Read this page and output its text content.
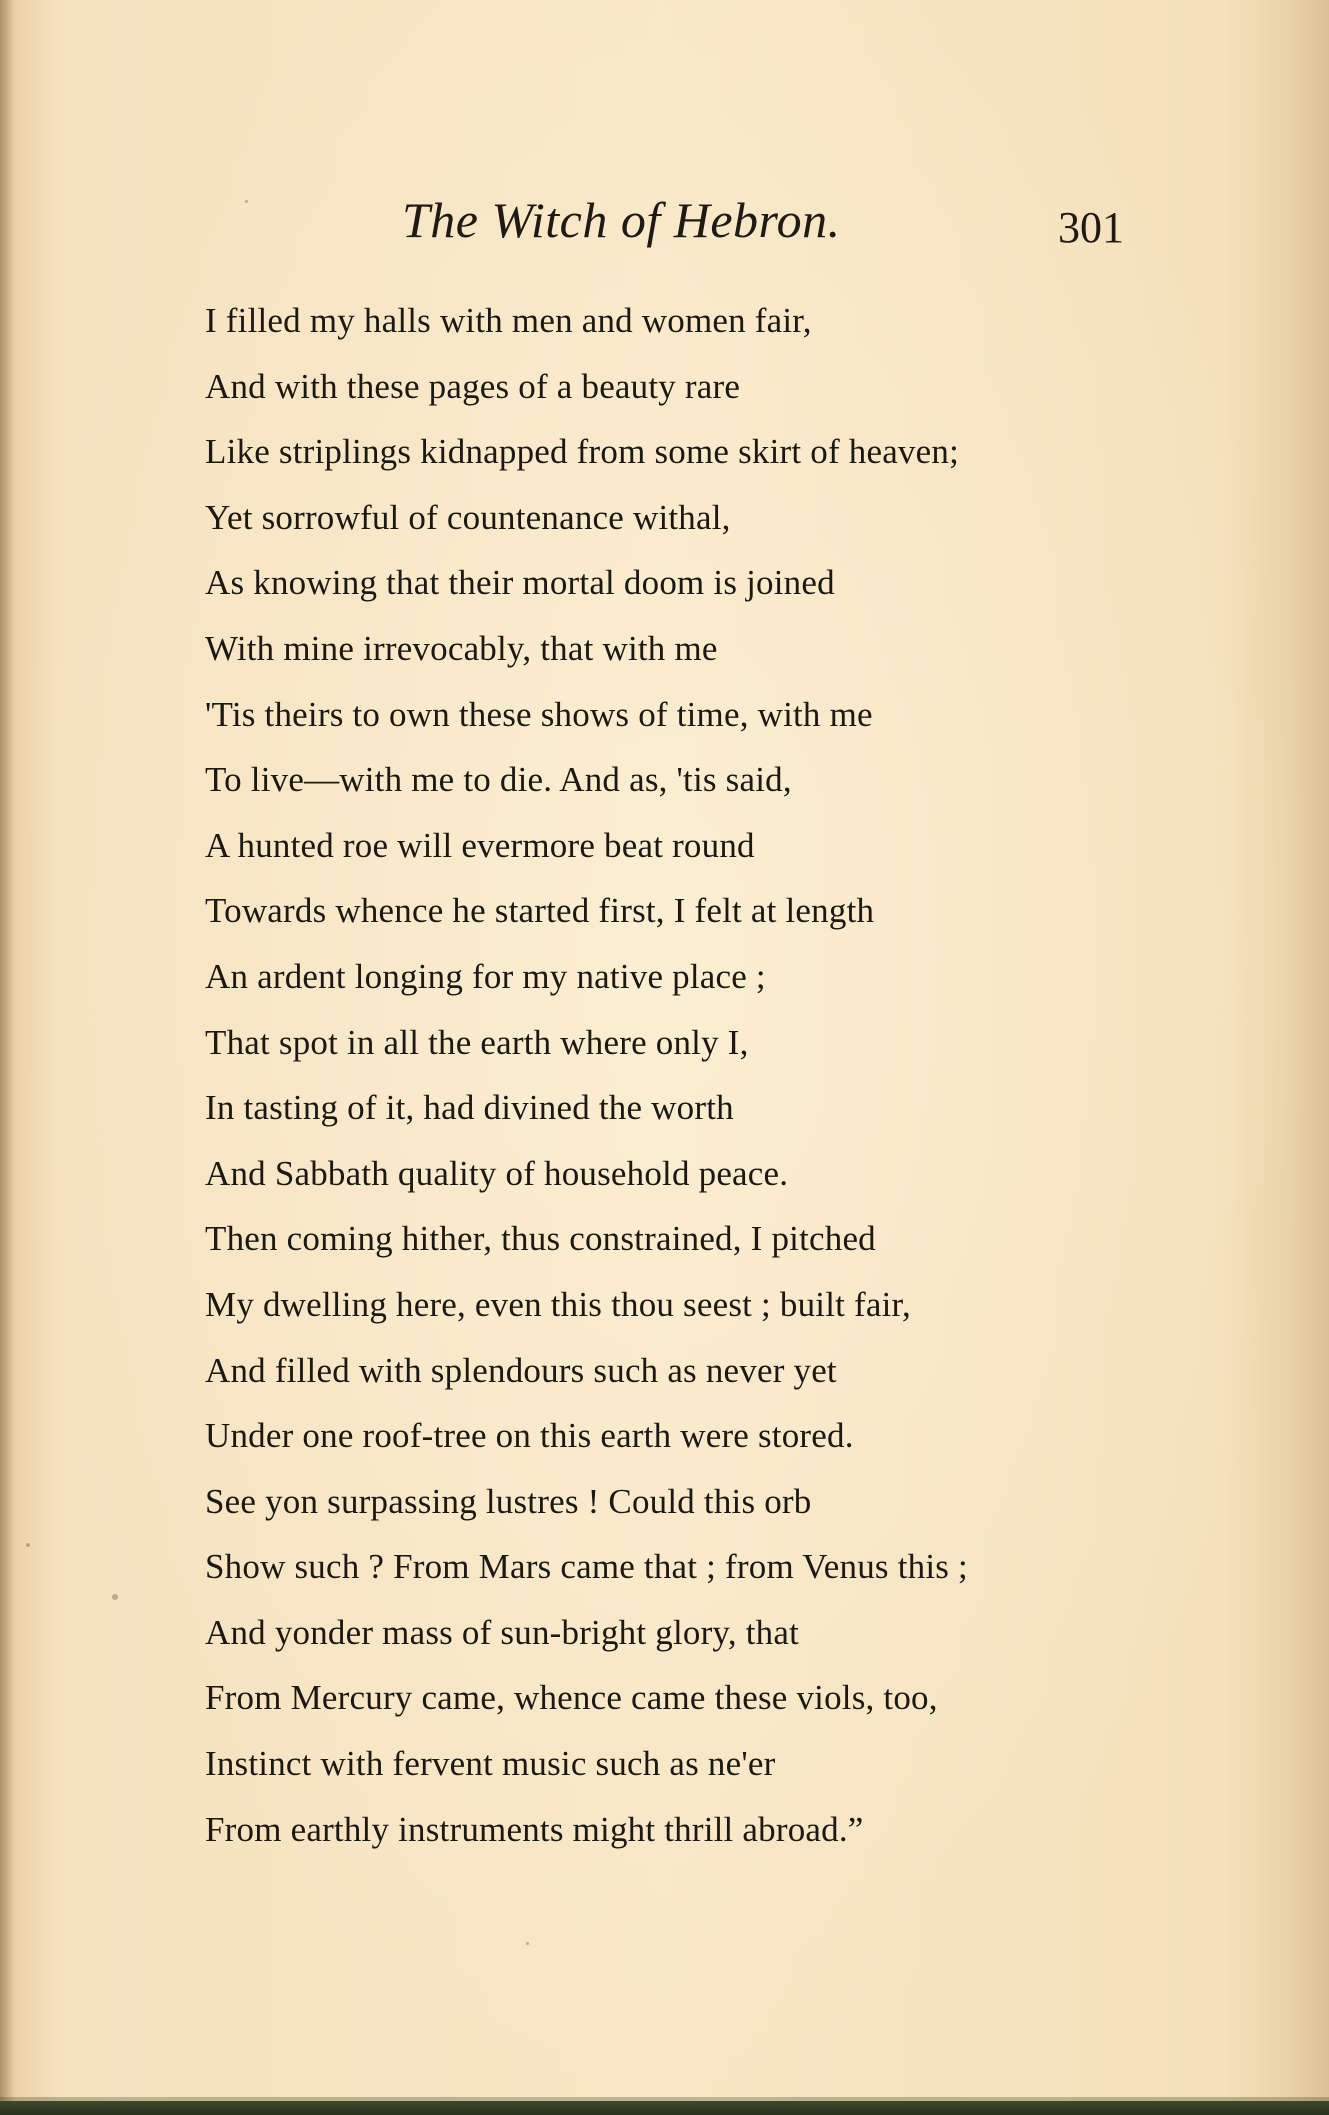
The Witch of Hebron.	301
I filled my halls with men and women fair,
And with these pages of a beauty rare
Like striplings kidnapped from some skirt of heaven;
Yet sorrowful of countenance withal,
As knowing that their mortal doom is joined
With mine irrevocably, that with me
'Tis theirs to own these shows of time, with me
To live—with me to die. And as, 'tis said,
A hunted roe will evermore beat round
Towards whence he started first, I felt at length
An ardent longing for my native place ;
That spot in all the earth where only I,
In tasting of it, had divined the worth
And Sabbath quality of household peace.
Then coming hither, thus constrained, I pitched
My dwelling here, even this thou seest ; built fair,
And filled with splendours such as never yet
Under one roof-tree on this earth were stored.
See yon surpassing lustres ! Could this orb
Show such ? From Mars came that ; from Venus this ;
And yonder mass of sun-bright glory, that
From Mercury came, whence came these viols, too,
Instinct with fervent music such as ne'er
From earthly instruments might thrill abroad.”
